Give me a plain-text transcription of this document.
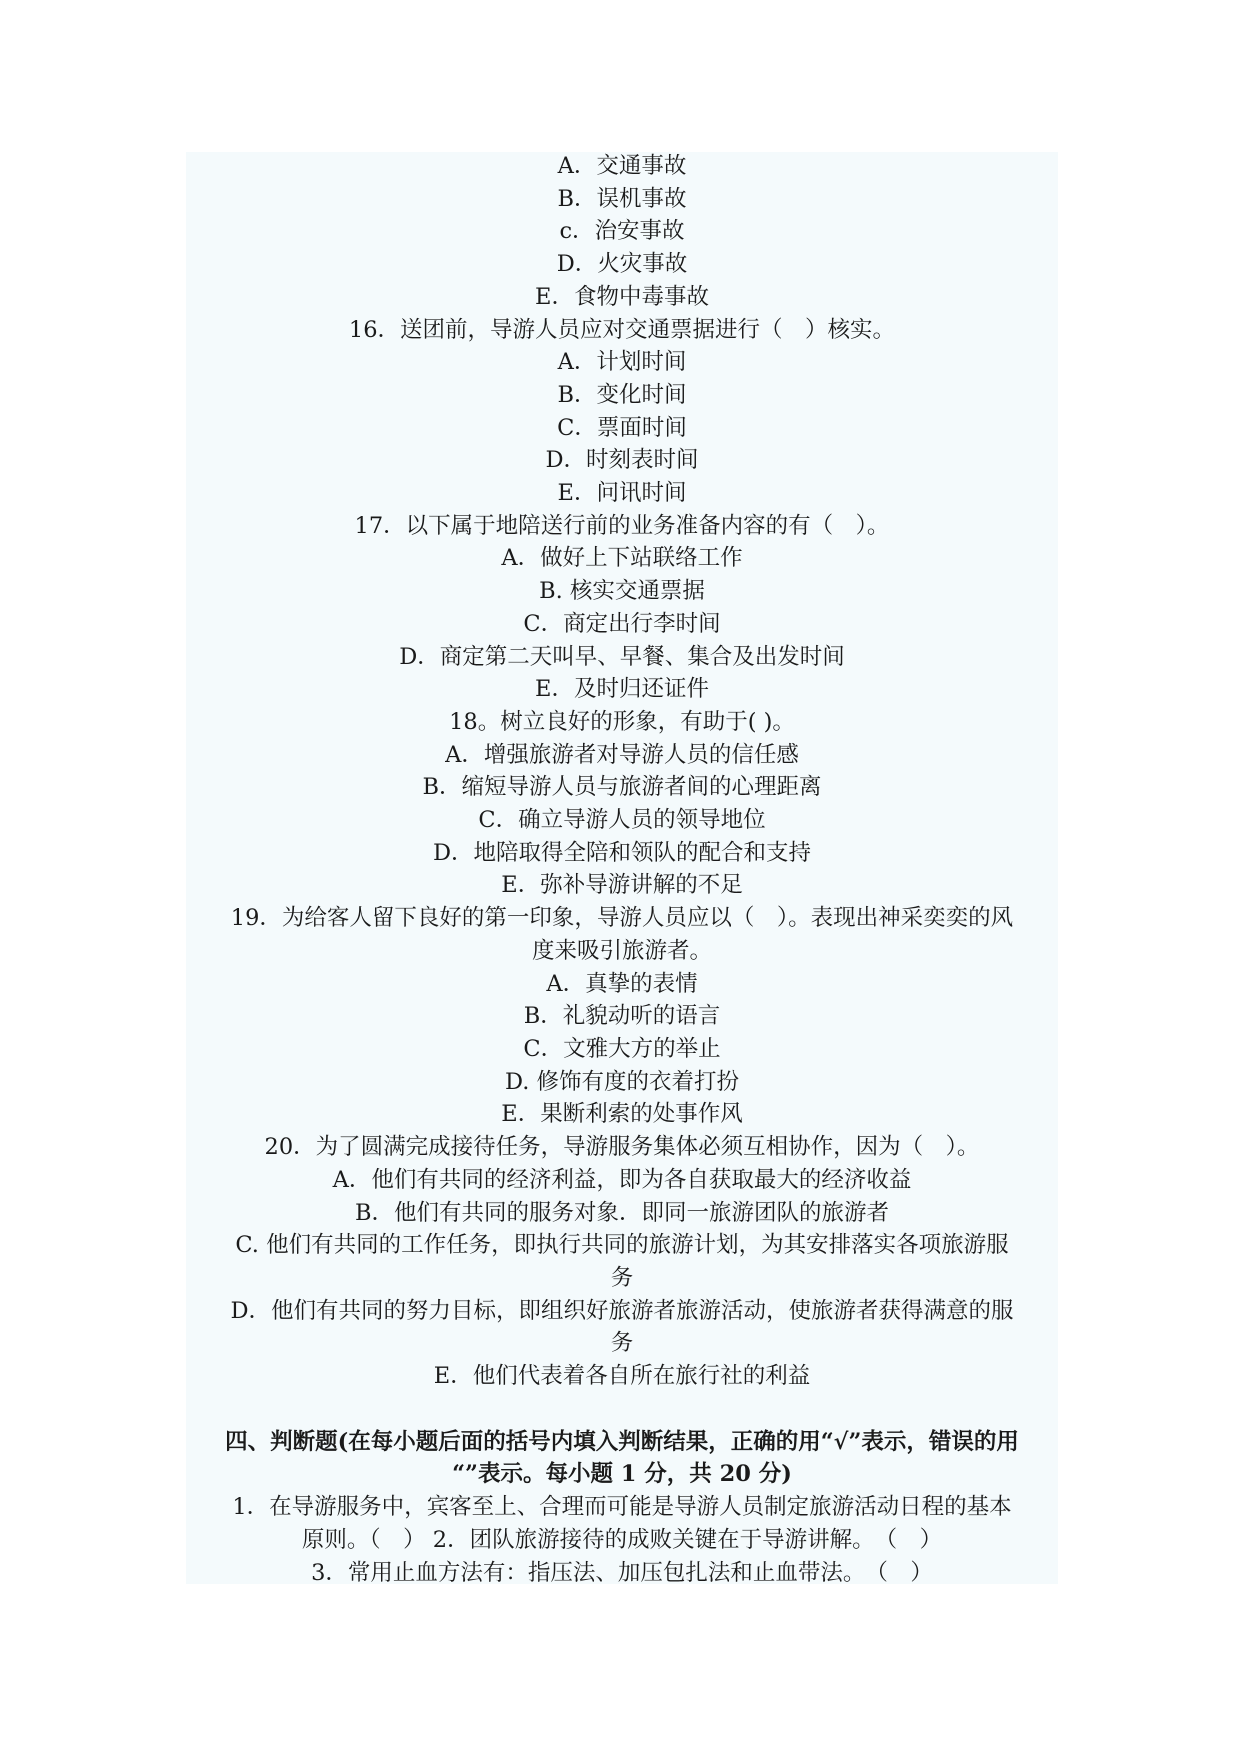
A．交通事故
B．误机事故
c．治安事故
D．火灾事故
E．食物中毒事故
16．送团前，导游人员应对交通票据进行（　）核实。
A．计划时间
B．变化时间
C．票面时间
D．时刻表时间
E．问讯时间
17．以下属于地陪送行前的业务准备内容的有（　）。
A．做好上下站联络工作
B. 核实交通票据
C．商定出行李时间
D．商定第二天叫早、早餐、集合及出发时间
E．及时归还证件
18。树立良好的形象，有助于( )。
A．增强旅游者对导游人员的信任感
B．缩短导游人员与旅游者间的心理距离
C．确立导游人员的领导地位
D．地陪取得全陪和领队的配合和支持
E．弥补导游讲解的不足
19．为给客人留下良好的第一印象，导游人员应以（　）。表现出神采奕奕的风
度来吸引旅游者。
A．真挚的表情
B．礼貌动听的语言
C．文雅大方的举止
D. 修饰有度的衣着打扮
E．果断利索的处事作风
20．为了圆满完成接待任务，导游服务集体必须互相协作，因为（　）。
A．他们有共同的经济利益，即为各自获取最大的经济收益
B．他们有共同的服务对象．即同一旅游团队的旅游者
C. 他们有共同的工作任务，即执行共同的旅游计划，为其安排落实各项旅游服
务
D．他们有共同的努力目标，即组织好旅游者旅游活动，使旅游者获得满意的服
务
E．他们代表着各自所在旅行社的利益
四、判断题(在每小题后面的括号内填入判断结果，正确的用“√”表示，错误的用
“”表示。每小题 1 分，共 20 分)
1．在导游服务中，宾客至上、合理而可能是导游人员制定旅游活动日程的基本
原则。（　） 2．团队旅游接待的成败关键在于导游讲解。　（　）
3．常用止血方法有：指压法、加压包扎法和止血带法。　（　）
